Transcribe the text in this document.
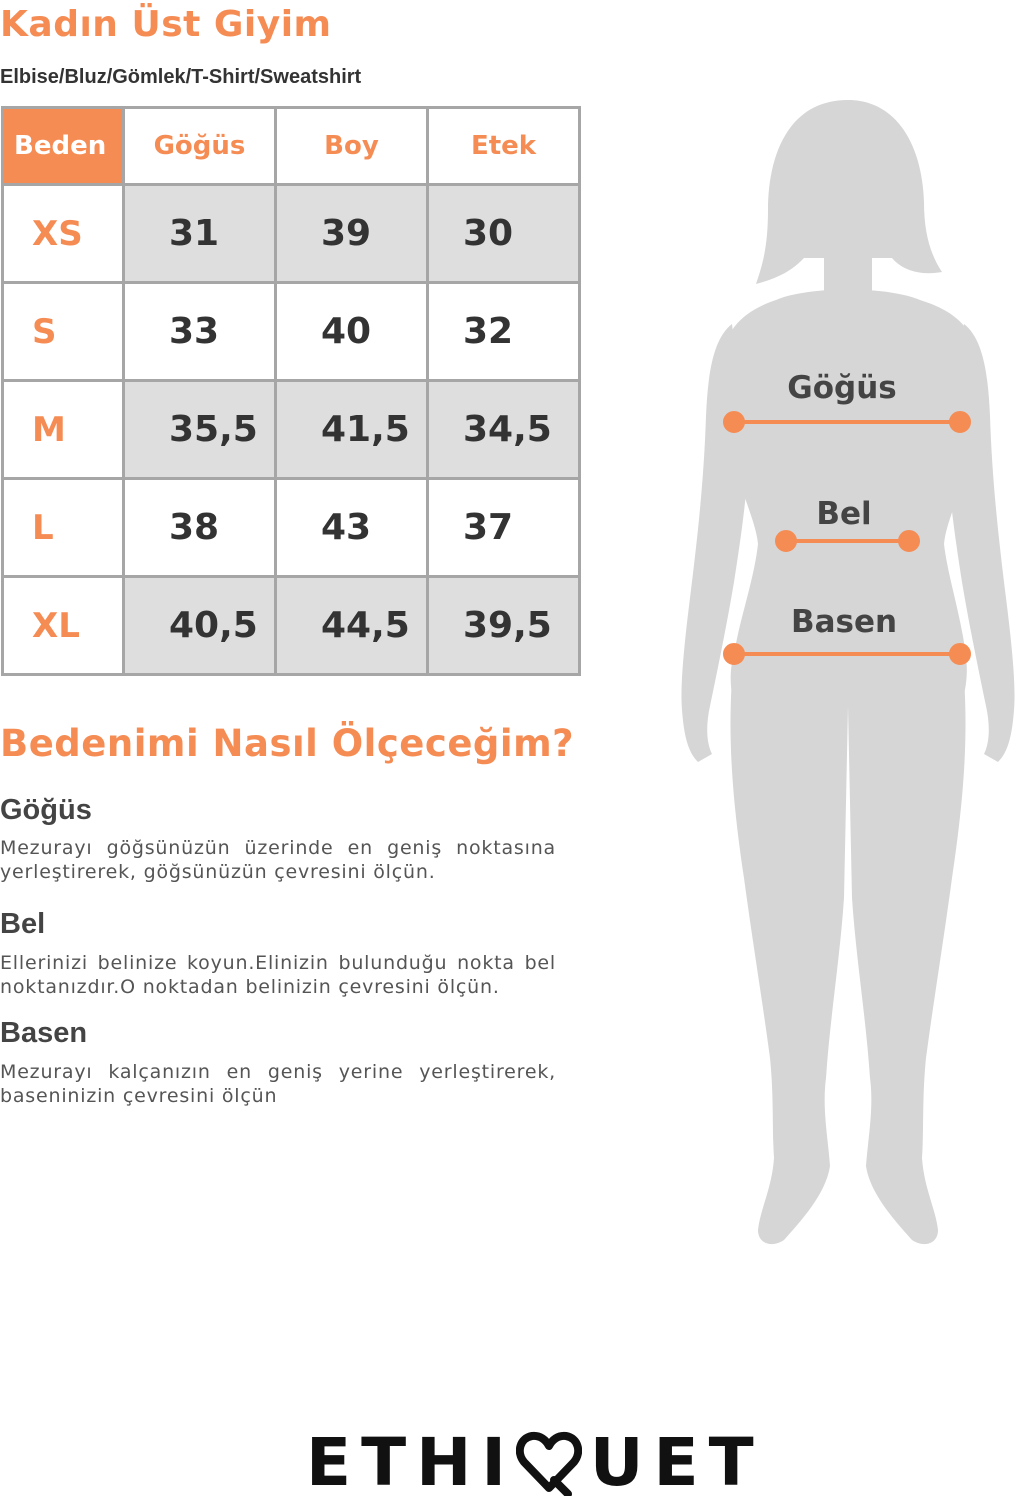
Kadın Üst Giyim
Elbise/Bluz/Gömlek/T-Shirt/Sweatshirt
Beden	Göğüs	Boy	Etek
XS	31	39	30
S	33	40	32
M	35,5	41,5	34,5
L	38	43	37
XL	40,5	44,5	39,5
Bedenimi Nasıl Ölçeceğim?
Göğüs

Mezurayı göğsünüzün üzerinde en geniş noktasına yerleştirerek, göğsünüzün çevresini ölçün.

Bel

Ellerinizi belinize koyun.Elinizin bulunduğu nokta bel noktanızdır.O noktadan belinizin çevresini ölçün.

Basen

Mezurayı kalçanızın en geniş yerine yerleştirerek, baseninizin çevresini ölçün

Göğüs
Bel
Basen
ETHI UET
